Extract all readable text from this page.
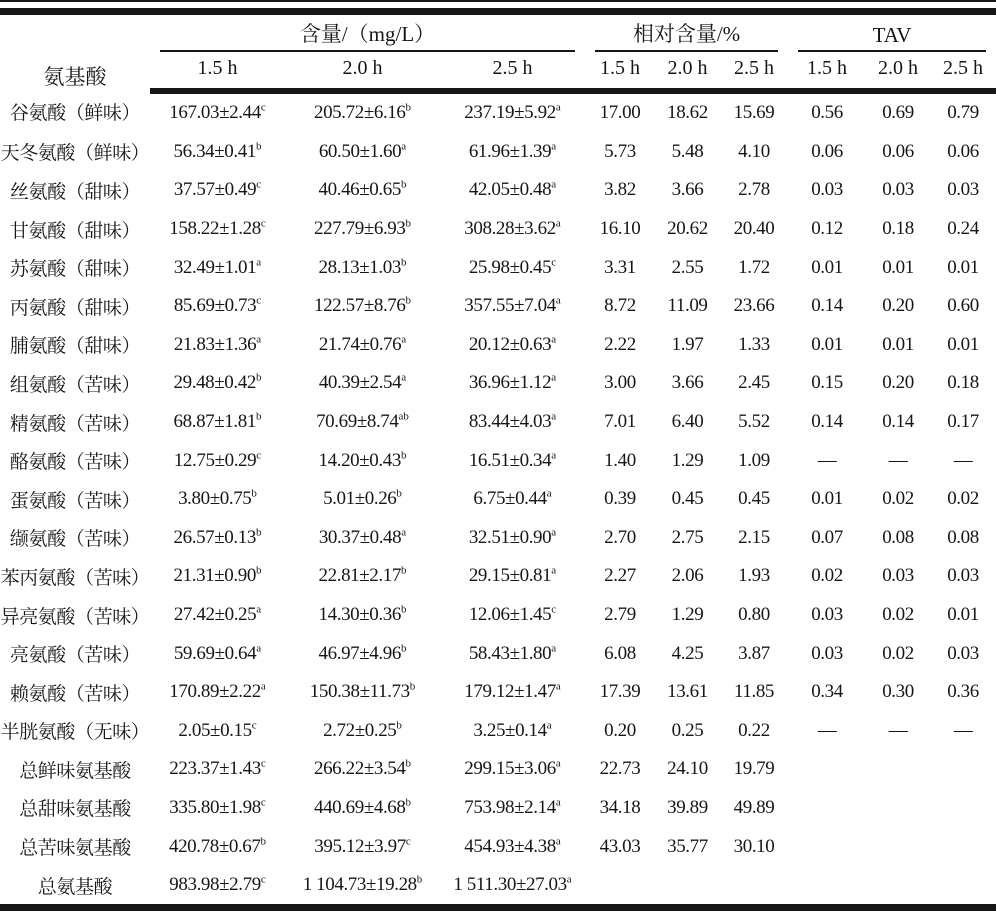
氨基酸	含量/（mg/L）			相对含量/%			TAV		

	1.5 h	2.0 h	2.5 h	1.5 h	2.0 h	2.5 h	1.5 h	2.0 h	2.5 h
谷氨酸（鲜味）	167.03±2.44$^c$	205.72±6.16$^b$	237.19±5.92$^a$	17.00	18.62	15.69	0.56	0.69	0.79
天冬氨酸（鲜味）	56.34±0.41$^b$	60.50±1.60$^a$	61.96±1.39$^a$	5.73	5.48	4.10	0.06	0.06	0.06
丝氨酸（甜味）	37.57±0.49$^c$	40.46±0.65$^b$	42.05±0.48$^a$	3.82	3.66	2.78	0.03	0.03	0.03
甘氨酸（甜味）	158.22±1.28$^c$	227.79±6.93$^b$	308.28±3.62$^a$	16.10	20.62	20.40	0.12	0.18	0.24
苏氨酸（甜味）	32.49±1.01$^a$	28.13±1.03$^b$	25.98±0.45$^c$	3.31	2.55	1.72	0.01	0.01	0.01
丙氨酸（甜味）	85.69±0.73$^c$	122.57±8.76$^b$	357.55±7.04$^a$	8.72	11.09	23.66	0.14	0.20	0.60
脯氨酸（甜味）	21.83±1.36$^a$	21.74±0.76$^a$	20.12±0.63$^a$	2.22	1.97	1.33	0.01	0.01	0.01
组氨酸（苦味）	29.48±0.42$^b$	40.39±2.54$^a$	36.96±1.12$^a$	3.00	3.66	2.45	0.15	0.20	0.18
精氨酸（苦味）	68.87±1.81$^b$	70.69±8.74$^{ab}$	83.44±4.03$^a$	7.01	6.40	5.52	0.14	0.14	0.17
酪氨酸（苦味）	12.75±0.29$^c$	14.20±0.43$^b$	16.51±0.34$^a$	1.40	1.29	1.09	—	—	—
蛋氨酸（苦味）	3.80±0.75$^b$	5.01±0.26$^b$	6.75±0.44$^a$	0.39	0.45	0.45	0.01	0.02	0.02
缬氨酸（苦味）	26.57±0.13$^b$	30.37±0.48$^a$	32.51±0.90$^a$	2.70	2.75	2.15	0.07	0.08	0.08
苯丙氨酸（苦味）	21.31±0.90$^b$	22.81±2.17$^b$	29.15±0.81$^a$	2.27	2.06	1.93	0.02	0.03	0.03
异亮氨酸（苦味）	27.42±0.25$^a$	14.30±0.36$^b$	12.06±1.45$^c$	2.79	1.29	0.80	0.03	0.02	0.01
亮氨酸（苦味）	59.69±0.64$^a$	46.97±4.96$^b$	58.43±1.80$^a$	6.08	4.25	3.87	0.03	0.02	0.03
赖氨酸（苦味）	170.89±2.22$^a$	150.38±11.73$^b$	179.12±1.47$^a$	17.39	13.61	11.85	0.34	0.30	0.36
半胱氨酸（无味）	2.05±0.15$^c$	2.72±0.25$^b$	3.25±0.14$^a$	0.20	0.25	0.22	—	—	—
总鲜味氨基酸	223.37±1.43$^c$	266.22±3.54$^b$	299.15±3.06$^a$	22.73	24.10	19.79			
总甜味氨基酸	335.80±1.98$^c$	440.69±4.68$^b$	753.98±2.14$^a$	34.18	39.89	49.89			
总苦味氨基酸	420.78±0.67$^b$	395.12±3.97$^c$	454.93±4.38$^a$	43.03	35.77	30.10			
总氨基酸	983.98±2.79$^c$	1 104.73±19.28$^b$	1 511.30±27.03$^a$						
